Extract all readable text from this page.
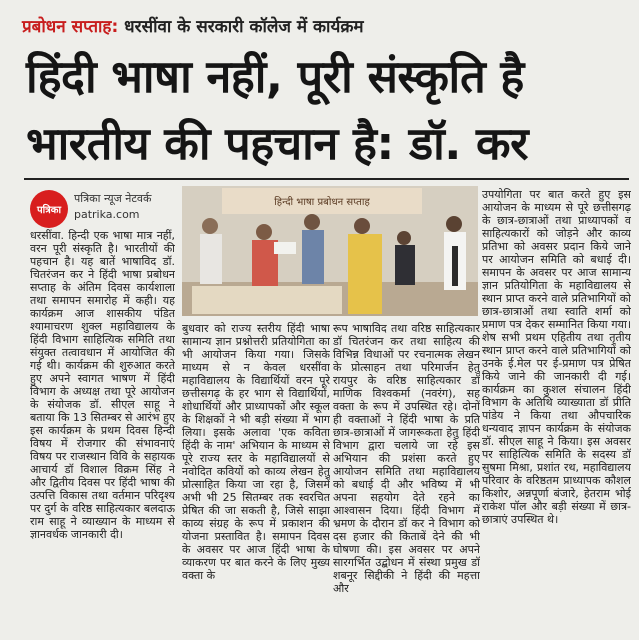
प्रबोधन सप्ताह: धरसींवा के सरकारी कॉलेज में कार्यक्रम
हिंदी भाषा नहीं, पूरी संस्कृति है
भारतीय की पहचान है: डॉ. कर
पत्रिका
पत्रिका न्यूज नेटवर्क
patrika.com
हिन्दी भाषा प्रबोधन सप्ताह
धरसींवा. हिन्दी एक भाषा मात्र नहीं, वरन पूरी संस्कृति है। भारतीयों की पहचान है। यह बातें भाषाविद डॉ. चितरंजन कर ने हिंदी भाषा प्रबोधन सप्ताह के अंतिम दिवस कार्यशाला तथा समापन समारोह में कही। यह कार्यक्रम आज शासकीय पंडित श्यामाचरण शुक्ल महाविद्यालय के हिंदी विभाग साहित्यिक समिति तथा संयुक्त तत्वावधान में आयोजित की गई थी। कार्यक्रम की शुरुआत करते हुए अपने स्वागत भाषण में हिंदी विभाग के अध्यक्ष तथा पूरे आयोजन के संयोजक डॉ. सीएल साहू ने बताया कि 13 सितम्बर से आरंभ हुए इस कार्यक्रम के प्रथम दिवस हिन्दी विषय में रोजगार की संभावनाएं विषय पर राजस्थान विवि के सहायक आचार्य डॉ विशाल विक्रम सिंह ने और द्वितीय दिवस पर हिंदी भाषा की उत्पत्ति विकास तथा वर्तमान परिदृश्य पर दुर्ग के वरिष्ठ साहित्यकार बलदाऊ राम साहू ने व्याख्यान के माध्यम से ज्ञानवर्धक जानकारी दी।
बुधवार को राज्य स्तरीय हिंदी भाषा सामान्य ज्ञान प्रश्नोत्तरी प्रतियोगिता का भी आयोजन किया गया। जिसके माध्यम से न केवल धरसींवा महाविद्यालय के विद्यार्थियों वरन पूरे छत्तीसगढ़ के हर भाग से विद्यार्थियों, शोधार्थियों और प्राध्यापकों और स्कूल के शिक्षकों ने भी बड़ी संख्या में भाग लिया। इसके अलावा 'एक कविता हिंदी के नाम' अभियान के माध्यम से पूरे राज्य स्तर के महाविद्यालयों से नवोदित कवियों को काव्य लेखन हेतु प्रोत्साहित किया जा रहा है, जिसमें अभी भी 25 सितम्बर तक स्वरचित प्रेषित की जा सकती है, जिसे साझा काव्य संग्रह के रूप में प्रकाशन की योजना प्रस्तावित है। समापन दिवस के अवसर पर आज हिंदी भाषा के व्याकरण पर बात करने के लिए मुख्य वक्ता के
रूप भाषाविद तथा वरिष्ठ साहित्यकार डॉ चितरंजन कर तथा साहित्य की विभिन्न विधाओं पर रचनात्मक लेखन के प्रोत्साहन तथा परिमार्जन हेतु रायपुर के वरिष्ठ साहित्यकार डॉ माणिक विश्वकर्मा (नवरंग), सह वक्ता के रूप में उपस्थित रहे। दोनों ही वक्ताओं ने हिंदी भाषा के प्रति छात्र-छात्राओं में जागरूकता हेतु हिंदी विभाग द्वारा चलाये जा रहे इस अभियान की प्रशंसा करते हुए आयोजन समिति तथा महाविद्यालय को बधाई दी और भविष्य में भी अपना सहयोग देते रहने का आश्वासन दिया। हिंदी विभाग में भ्रमण के दौरान डॉ कर ने विभाग को दस हजार की किताबें देने की भी घोषणा की। इस अवसर पर अपने सारगर्भित उद्बोधन में संस्था प्रमुख डॉ शबनूर सिद्दीकी ने हिंदी की महत्ता और
उपयोगिता पर बात करते हुए इस आयोजन के माध्यम से पूरे छत्तीसगढ़ के छात्र-छात्राओं तथा प्राध्यापकों व साहित्यकारों को जोड़ने और काव्य प्रतिभा को अवसर प्रदान किये जाने पर आयोजन समिति को बधाई दी। समापन के अवसर पर आज सामान्य ज्ञान प्रतियोगिता के महाविद्यालय से स्थान प्राप्त करने वाले प्रतिभागियों को छात्र-छात्राओं तथा स्वाति शर्मा को प्रमाण पत्र देकर सम्मानित किया गया। शेष सभी प्रथम एहितीय तथा तृतीय स्थान प्राप्त करने वाले प्रतिभागियों को उनके ई.मेल पर ई-प्रमाण पत्र प्रेषित किये जाने की जानकारी दी गई। कार्यक्रम का कुशल संचालन हिंदी विभाग के अतिथि व्याख्याता डॉ प्रीति पांडेय ने किया तथा औपचारिक धन्यवाद ज्ञापन कार्यक्रम के संयोजक डॉ. सीएल साहू ने किया। इस अवसर पर साहित्यिक समिति के सदस्य डॉ सुषमा मिश्रा, प्रशांत रथ, महाविद्यालय परिवार के वरिष्ठतम प्राध्यापक कौशल किशोर, अन्नपूर्णा बंजारे, हेतराम भोई राकेश पॉल और बड़ी संख्या में छात्र-छात्राएं उपस्थित थे।
